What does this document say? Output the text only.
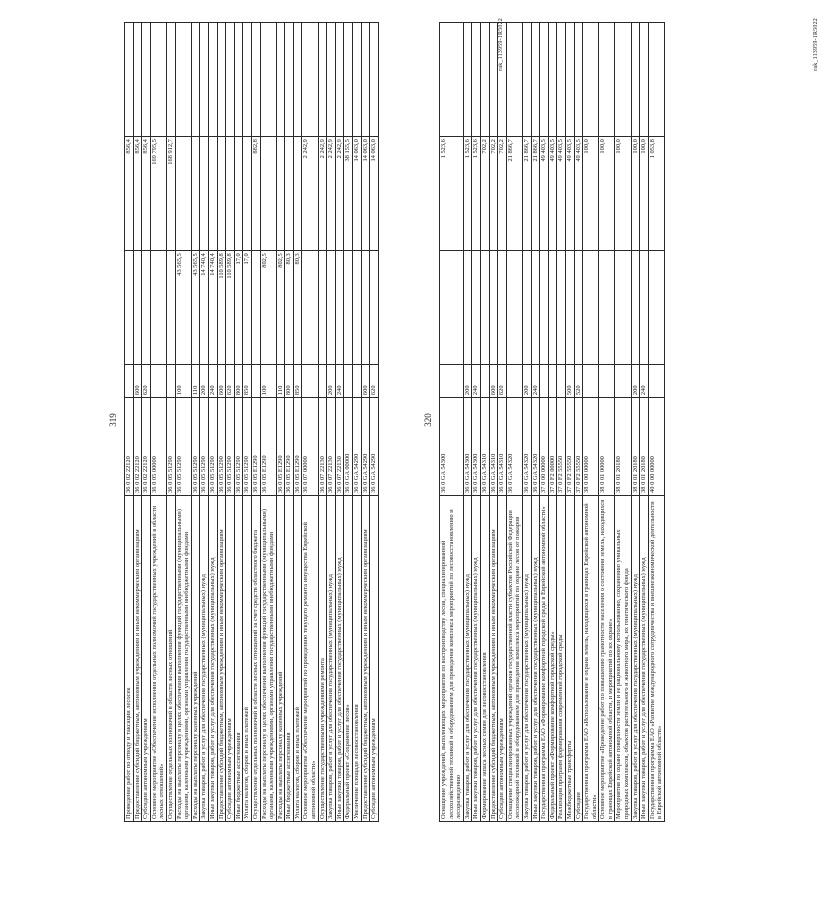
319
Проведение работ по отводу и таксации лесосек	36 0 02 22120			856,4	
Предоставление субсидий бюджетным, автономным учреждениям и иным некоммерческим организациям	36 0 02 22120	600		856,4	
Субсидии автономным учреждениям	36 0 02 22120	620		856,4	
Основное мероприятие «Обеспечение исполнения отдельных полномочий государственных учреждений в области лесных отношений»	36 0 05 00000			169 795,5	
Осуществление отдельных полномочий в области лесных отношений	36 0 05 51290			168 912,7	
Расходы на выплаты персоналу в целях обеспечения выполнения функций государственными (муниципальными) органами, казенными учреждениями, органами управления государственными внебюджетными фондами	36 0 05 51290	100	43 565,5		
Расходы на выплаты персоналу казенных учреждений	36 0 05 51290	110	43 565,5		
Закупка товаров, работ и услуг для обеспечения государственных (муниципальных) нужд	36 0 05 51290	200	14 740,4		
Иные закупки товаров, работ и услуг для обеспечения государственных (муниципальных) нужд	36 0 05 51290	240	14 740,4		
Предоставление субсидий бюджетным, автономным учреждениям и иным некоммерческим организациям	36 0 05 51290	600	110 589,8		
Субсидии автономным учреждениям	36 0 05 51290	620	110 589,8		
Иные бюджетные ассигнования	36 0 05 51290	800	17,0		
Уплата налогов, сборов и иных платежей	36 0 05 51290	850	17,0		
Осуществление отдельных полномочий в области лесных отношений за счет средств областного бюджета	36 0 05 Е1290			882,8	
Расходы на выплаты персоналу в целях обеспечения выполнения функций государственными (муниципальными) органами, казенными учреждениями, органами управления государственными внебюджетными фондами	36 0 05 Е1290	100	802,5		
Расходы на выплаты персоналу казенных учреждений	36 0 05 Е1290	110	802,5		
Иные бюджетные ассигнования	36 0 05 Е1290	800	80,3		
Уплата налогов, сборов и иных платежей	36 0 05 Е1290	850	80,3		
Основное мероприятие «Обеспечение мероприятий по проведению текущего ремонта имущества Еврейской автономной области»	36 0 07 00000			2 242,9	
Осуществление государственными учреждениями ремонта	36 0 07 22130			2 242,9	
Закупка товаров, работ и услуг для обеспечения государственных (муниципальных) нужд	36 0 07 22130	200		2 242,9	
Иные закупки товаров, работ и услуг для обеспечения государственных (муниципальных) нужд	36 0 07 22130	240		2 242,9	
Федеральный проект «Сохранение лесов»	36 0 GA 00000			38 155,5	
Увеличение площади лесовосстановления	36 0 GA 54290			14 063,0	
Предоставление субсидий бюджетным, автономным учреждениям и иным некоммерческим организациям	36 0 GA 54290	600		14 063,0	
Субсидии автономным учреждениям	36 0 GA 54290	620		14 063,0	
rak_113959-1R5022
320
Оснащение учреждений, выполняющих мероприятия по воспроизводству лесов, специализированной лесохозяйственной техникой и оборудованием для проведения комплекса мероприятий по лесовосстановлению и лесоразведению	36 0 GA 54300			1 523,6	
Закупка товаров, работ и услуг для обеспечения государственных (муниципальных) нужд	36 0 GA 54300	200		1 523,6	
Иные закупки товаров, работ и услуг для обеспечения государственных (муниципальных) нужд	36 0 GA 54300	240		1 523,6	
Формирование запаса лесных семян для лесовосстановления	36 0 GA 54310			702,2	
Предоставление субсидий бюджетным, автономным учреждениям и иным некоммерческим организациям	36 0 GA 54310	600		702,2	
Субсидии автономным учреждениям	36 0 GA 54310	620		702,2	
Оснащение специализированных учреждений органов государственной власти субъектов Российской Федерации лесопожарной техникой и оборудованием для проведения комплекса мероприятий по охране лесов от пожаров	36 0 GA 54320			21 866,7	
Закупка товаров, работ и услуг для обеспечения государственных (муниципальных) нужд	36 0 GA 54320	200		21 866,7	
Иные закупки товаров, работ и услуг для обеспечения государственных (муниципальных) нужд	36 0 GA 54320	240		21 866,7	
Государственная программа ЕАО «Формирование комфортной городской среды в Еврейской автономной области»	37 0 00 00000			49 403,5	
Федеральный проект «Формирование комфортной городской среды»	37 0 F2 00000			49 403,5	
Реализация программ формирования современной городской среды	37 0 F2 55550			49 403,5	
Межбюджетные трансферты	37 0 F2 55550	500		49 403,5	
Субсидии	37 0 F2 55550	520		49 403,5	
Государственная программа ЕАО «Использование и охрана земель, находящихся в границах Еврейской автономной области»	38 0 00 00000			100,0	
Основное мероприятие «Проведение работ по повышению грамотности населения о состоянии земель, находящихся в границах Еврейской автономной области, и мероприятий по их охране»	38 0 01 00000			100,0	
Мероприятия по охране поверхности земли и ее рациональному использованию, сохранению уникальных природных комплексов, объектов растительного и животного мира, их генетического фонда	38 0 01 20180			100,0	
Закупка товаров, работ и услуг для обеспечения государственных (муниципальных) нужд	38 0 01 20180	200		100,0	
Иные закупки товаров, работ и услуг для обеспечения государственных (муниципальных) нужд	38 0 01 20180	240		100,0	
Государственная программа ЕАО «Развитие международного сотрудничества и внешнеэкономической деятельности в Еврейской автономной области»	40 0 00 00000			1 053,8	
rak_113959-1R5022
